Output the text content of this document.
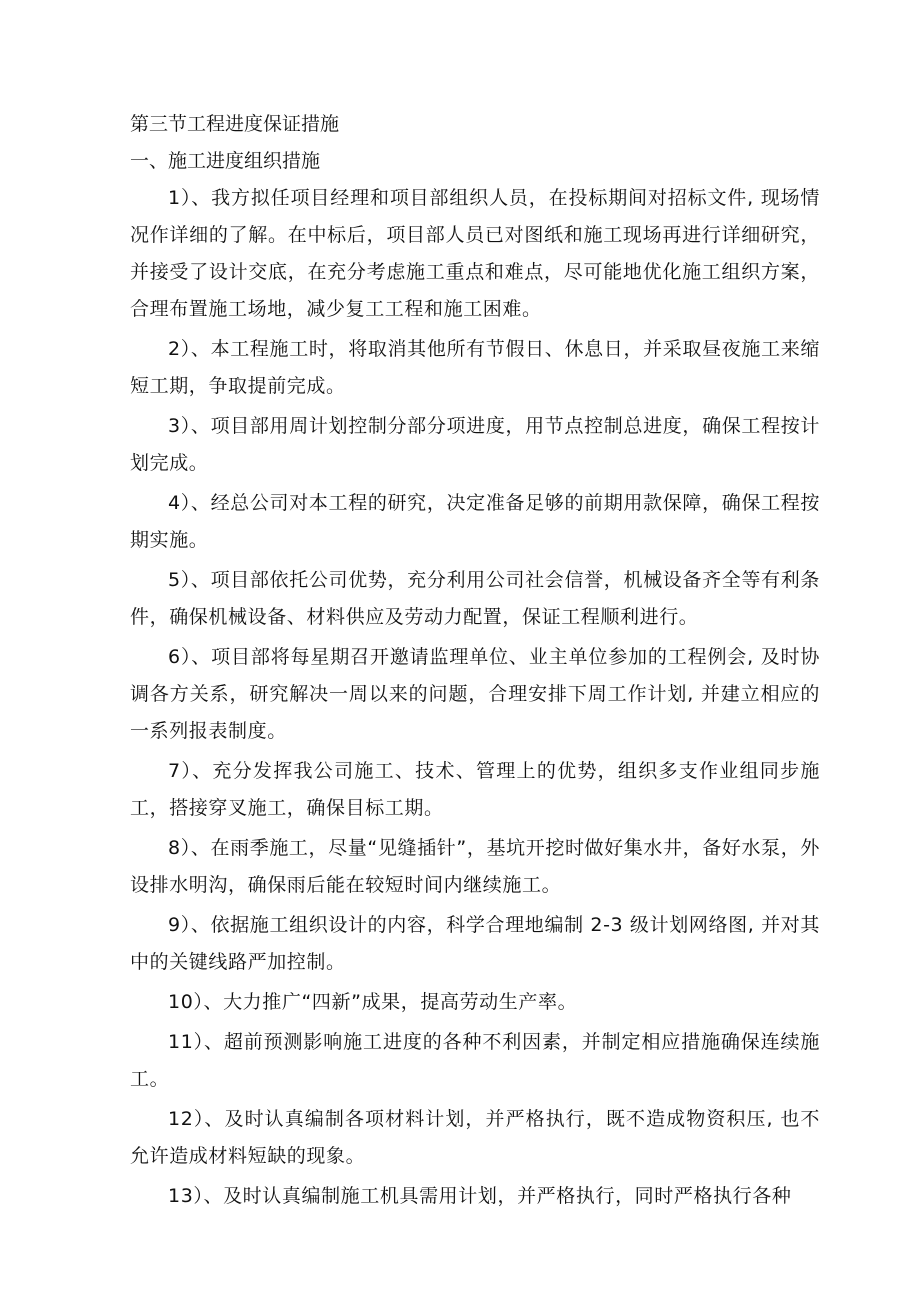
第三节工程进度保证措施
一、施工进度组织措施

1）、我方拟任项目经理和项目部组织人员，在投标期间对招标文件, 现场情况作详细的了解。在中标后，项目部人员已对图纸和施工现场再进行详细研究，并接受了设计交底，在充分考虑施工重点和难点，尽可能地优化施工组织方案，合理布置施工场地，减少复工工程和施工困难。

2）、本工程施工时，将取消其他所有节假日、休息日，并采取昼夜施工来缩短工期，争取提前完成。

3）、项目部用周计划控制分部分项进度，用节点控制总进度，确保工程按计划完成。

4）、经总公司对本工程的研究，决定准备足够的前期用款保障，确保工程按期实施。

5）、项目部依托公司优势，充分利用公司社会信誉，机械设备齐全等有利条件，确保机械设备、材料供应及劳动力配置，保证工程顺利进行。

6）、项目部将每星期召开邀请监理单位、业主单位参加的工程例会, 及时协调各方关系，研究解决一周以来的问题，合理安排下周工作计划, 并建立相应的一系列报表制度。

7）、充分发挥我公司施工、技术、管理上的优势，组织多支作业组同步施工，搭接穿叉施工，确保目标工期。

8）、在雨季施工，尽量“见缝插针”，基坑开挖时做好集水井，备好水泵，外设排水明沟，确保雨后能在较短时间内继续施工。

9）、依据施工组织设计的内容，科学合理地编制 2-3 级计划网络图, 并对其中的关键线路严加控制。

10）、大力推广“四新”成果，提高劳动生产率。

11）、超前预测影响施工进度的各种不利因素，并制定相应措施确保连续施工。

12）、及时认真编制各项材料计划，并严格执行，既不造成物资积压, 也不允许造成材料短缺的现象。

13）、及时认真编制施工机具需用计划，并严格执行，同时严格执行各种
